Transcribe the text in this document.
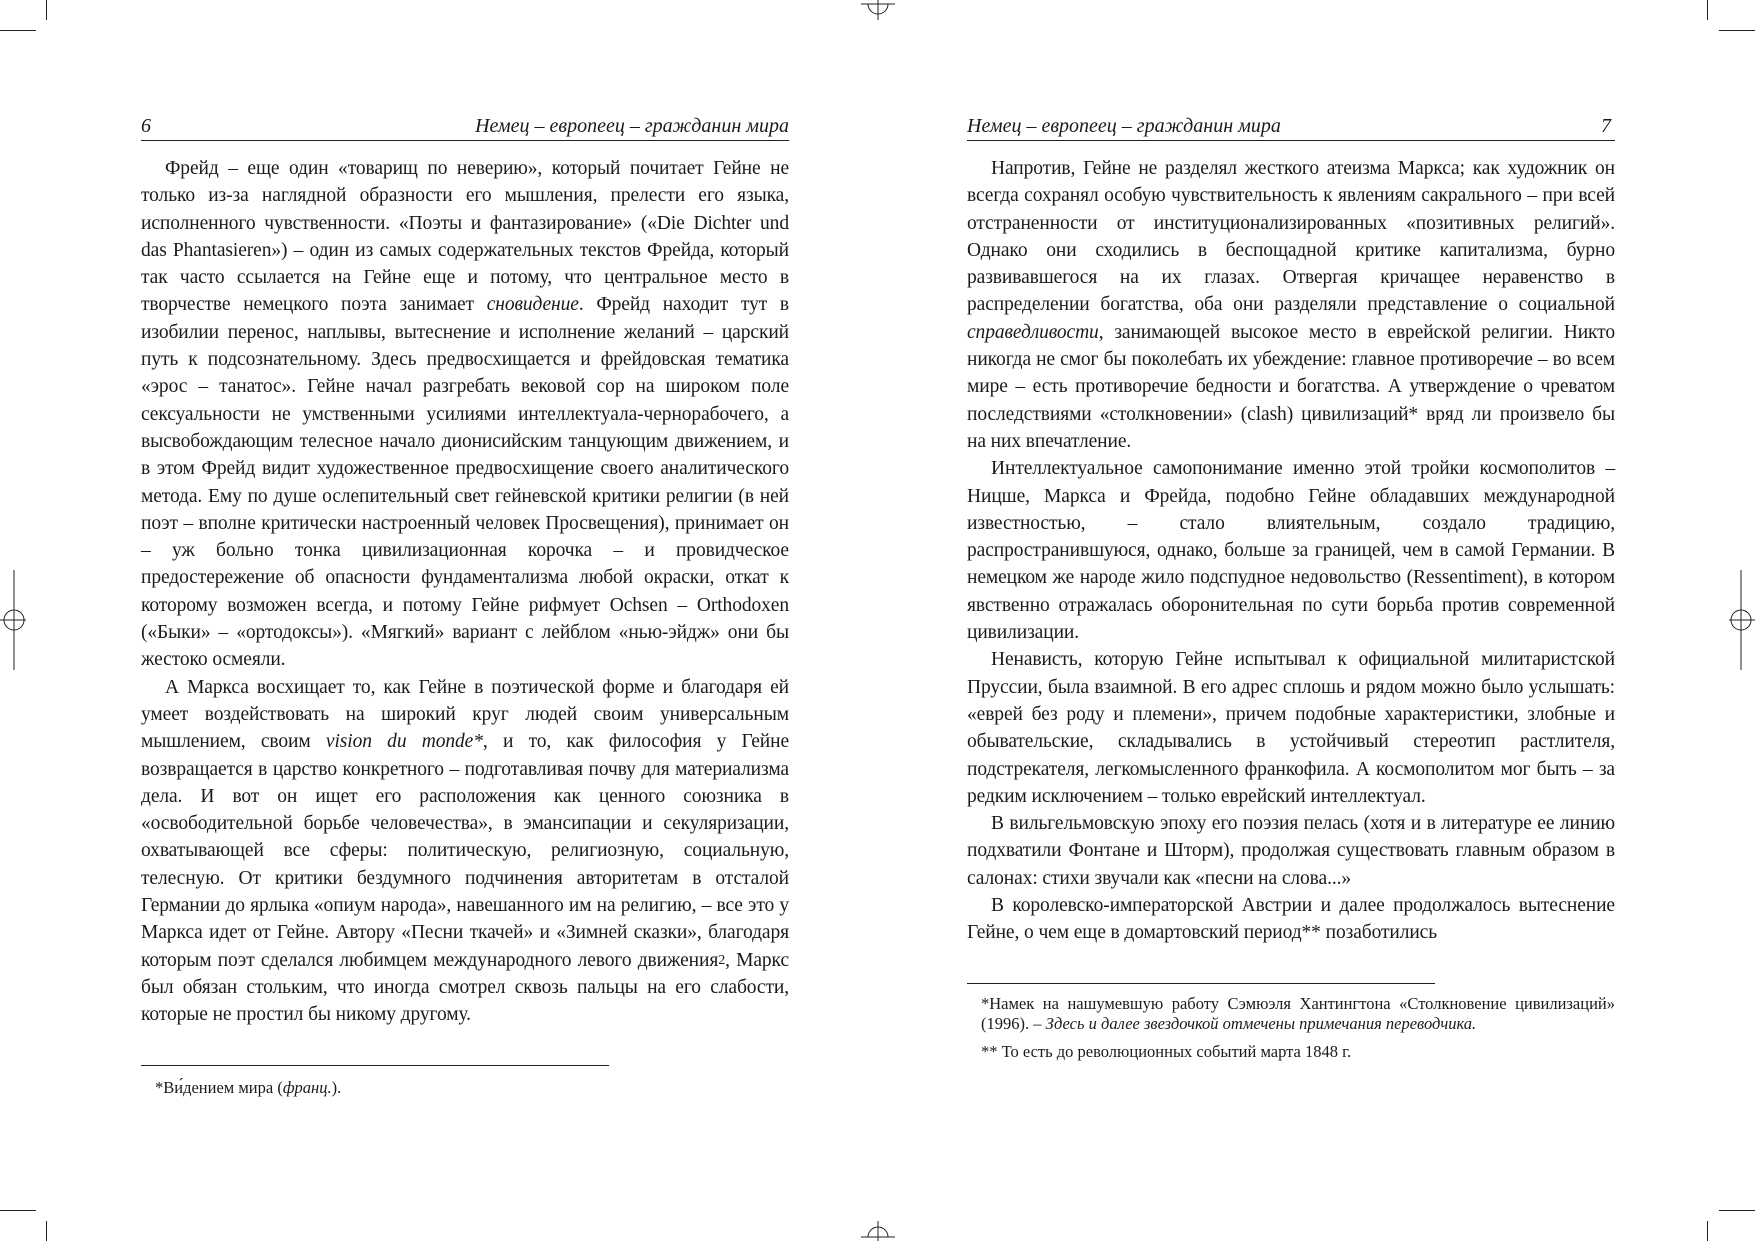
6	Немец – европеец – гражданин мира

Фрейд – еще один «товарищ по неверию», который почитает Гейне не только из-за наглядной образности его мышления, прелести его языка, исполненного чувственности. «Поэты и фантазирование» («Die Dichter und das Phantasieren») – один из самых содержательных текстов Фрейда, который так часто ссылается на Гейне еще и потому, что центральное место в творчестве немецкого поэта занимает сновидение. Фрейд находит тут в изобилии перенос, наплывы, вытеснение и исполнение желаний – царский путь к подсознательному. Здесь предвосхищается и фрейдовская тематика «эрос – танатос». Гейне начал разгребать вековой сор на широком поле сексуальности не умственными усилиями интеллектуала-чернорабочего, а высвобождающим телесное начало дионисийским танцующим движением, и в этом Фрейд видит художественное предвосхищение своего аналитического метода. Ему по душе ослепительный свет гейневской критики религии (в ней поэт – вполне критически настроенный человек Просвещения), принимает он – уж больно тонка цивилизационная корочка – и провидческое предостережение об опасности фундаментализма любой окраски, откат к которому возможен всегда, и потому Гейне рифмует Ochsen – Orthodoxen («Быки» – «ортодоксы»). «Мягкий» вариант с лейблом «нью-эйдж» они бы жестоко осмеяли.

А Маркса восхищает то, как Гейне в поэтической форме и благодаря ей умеет воздействовать на широкий круг людей своим универсальным мышлением, своим vision du monde*, и то, как философия у Гейне возвращается в царство конкретного – подготавливая почву для материализма дела. И вот он ищет его расположения как ценного союзника в «освободительной борьбе человечества», в эмансипации и секуляризации, охватывающей все сферы: политическую, религиозную, социальную, телесную. От критики бездумного подчинения авторитетам в отсталой Германии до ярлыка «опиум народа», навешанного им на религию, – все это у Маркса идет от Гейне. Автору «Песни ткачей» и «Зимней сказки», благодаря которым поэт сделался любимцем международного левого движения$^2$, Маркс был обязан стольким, что иногда смотрел сквозь пальцы на его слабости, которые не простил бы никому другому.

*Ви́дением мира (франц.).

Немец – европеец – гражданин мира	7

Напротив, Гейне не разделял жесткого атеизма Маркса; как художник он всегда сохранял особую чувствительность к явлениям сакрального – при всей отстраненности от институционализированных «позитивных религий». Однако они сходились в беспощадной критике капитализма, бурно развивавшегося на их глазах. Отвергая кричащее неравенство в распределении богатства, оба они разделяли представление о социальной справедливости, занимающей высокое место в еврейской религии. Никто никогда не смог бы поколебать их убеждение: главное противоречие – во всем мире – есть противоречие бедности и богатства. А утверждение о чреватом последствиями «столкновении» (clash) цивилизаций* вряд ли произвело бы на них впечатление.

Интеллектуальное самопонимание именно этой тройки космополитов – Ницше, Маркса и Фрейда, подобно Гейне обладавших международной известностью, – стало влиятельным, создало традицию, распространившуюся, однако, больше за границей, чем в самой Германии. В немецком же народе жило подспудное недовольство (Ressentiment), в котором явственно отражалась оборонительная по сути борьба против современной цивилизации.

Ненависть, которую Гейне испытывал к официальной милитаристской Пруссии, была взаимной. В его адрес сплошь и рядом можно было услышать: «еврей без роду и племени», причем подобные характеристики, злобные и обывательские, складывались в устойчивый стереотип растлителя, подстрекателя, легкомысленного франкофила. А космополитом мог быть – за редким исключением – только еврейский интеллектуал.

В вильгельмовскую эпоху его поэзия пелась (хотя и в литературе ее линию подхватили Фонтане и Шторм), продолжая существовать главным образом в салонах: стихи звучали как «песни на слова...»

В королевско-императорской Австрии и далее продолжалось вытеснение Гейне, о чем еще в домартовский период** позаботились

*Намек на нашумевшую работу Сэмюэля Хантингтона «Столкновение цивилизаций» (1996). – Здесь и далее звездочкой отмечены примечания переводчика.

** То есть до революционных событий марта 1848 г.
